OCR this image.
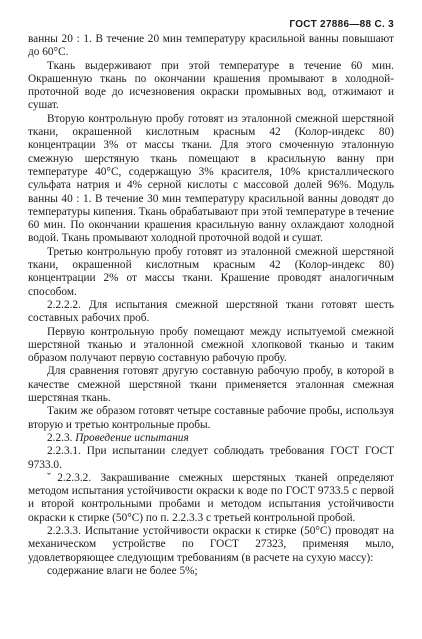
ГОСТ 27886—88 С. 3

ванны 20 : 1. В течение 20 мин температуру красильной ванны повышают до 60°С.

Ткань выдерживают при этой температуре в течение 60 мин. Окрашенную ткань по окончании крашения промывают в холодной-проточной воде до исчезновения окраски промывных вод, отжимают и сушат.

Вторую контрольную пробу готовят из эталонной смежной шерстяной ткани, окрашенной кислотным красным 42 (Колор-индекс 80) концентрации 3% от массы ткани. Для этого смоченную эталонную смежную шерстяную ткань помещают в красильную ванну при температуре 40°С, содержащую 3% красителя, 10% кристаллического сульфата натрия и 4% серной кислоты с массовой долей 96%. Модуль ванны 40 : 1. В течение 30 мин температуру красильной ванны доводят до температуры кипения. Ткань обрабатывают при этой температуре в течение 60 мин. По окончании крашения красильную ванну охлаждают холодной водой. Ткань промывают холодной проточной водой и сушат.

Третью контрольную пробу готовят из эталонной смежной шерстяной ткани, окрашенной кислотным красным 42 (Колор-индекс 80) концентрации 2% от массы ткани. Крашение проводят аналогичным способом.

2.2.2.2. Для испытания смежной шерстяной ткани готовят шесть составных рабочих проб.

Первую контрольную пробу помещают между испытуемой смежной шерстяной тканью и эталонной смежной хлопковой тканью и таким образом получают первую составную рабочую пробу.

Для сравнения готовят другую составную рабочую пробу, в которой в качестве смежной шерстяной ткани применяется эталонная смежная шерстяная ткань.

Таким же образом готовят четыре составные рабочие пробы, используя вторую и третью контрольные пробы.

2.2.3. Проведение испытания

2.2.3.1. При испытании следует соблюдать требования ГОСТ ГОСТ 9733.0.

ˇ2.2.3.2. Закрашивание смежных шерстяных тканей определяют методом испытания устойчивости окраски к воде по ГОСТ 9733.5 с первой и второй контрольными пробами и методом испытания устойчивости окраски к стирке (50°С) по п. 2.2.3.3 с третьей контрольной пробой.

2.2.3.3. Испытание устойчивости окраски к стирке (50°С) проводят на механическом устройстве по ГОСТ 27323, применяя мыло, удовлетворяющее следующим требованиям (в расчете на сухую массу):

содержание влаги не более 5%;
